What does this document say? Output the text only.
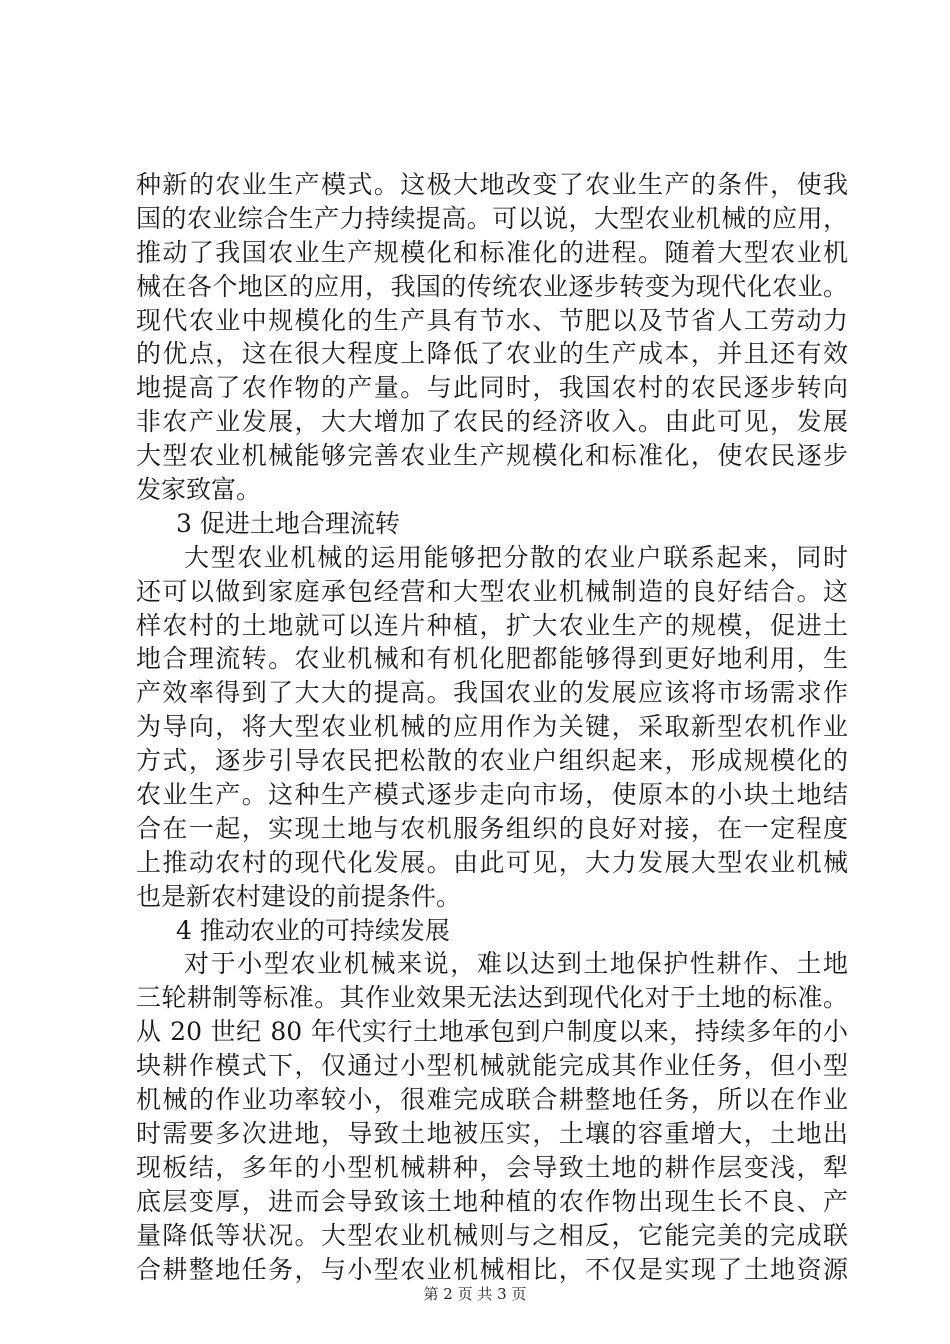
种新的农业生产模式。这极大地改变了农业生产的条件，使我
国的农业综合生产力持续提高。可以说，大型农业机械的应用，
推动了我国农业生产规模化和标准化的进程。随着大型农业机
械在各个地区的应用，我国的传统农业逐步转变为现代化农业。
现代农业中规模化的生产具有节水、节肥以及节省人工劳动力
的优点，这在很大程度上降低了农业的生产成本，并且还有效
地提高了农作物的产量。与此同时，我国农村的农民逐步转向
非农产业发展，大大增加了农民的经济收入。由此可见，发展
大型农业机械能够完善农业生产规模化和标准化，使农民逐步
发家致富。
3 促进土地合理流转
大型农业机械的运用能够把分散的农业户联系起来，同时
还可以做到家庭承包经营和大型农业机械制造的良好结合。这
样农村的土地就可以连片种植，扩大农业生产的规模，促进土
地合理流转。农业机械和有机化肥都能够得到更好地利用，生
产效率得到了大大的提高。我国农业的发展应该将市场需求作
为导向，将大型农业机械的应用作为关键，采取新型农机作业
方式，逐步引导农民把松散的农业户组织起来，形成规模化的
农业生产。这种生产模式逐步走向市场，使原本的小块土地结
合在一起，实现土地与农机服务组织的良好对接，在一定程度
上推动农村的现代化发展。由此可见，大力发展大型农业机械
也是新农村建设的前提条件。
4 推动农业的可持续发展
对于小型农业机械来说，难以达到土地保护性耕作、土地
三轮耕制等标准。其作业效果无法达到现代化对于土地的标准。
从 20 世纪 80 年代实行土地承包到户制度以来，持续多年的小
块耕作模式下，仅通过小型机械就能完成其作业任务，但小型
机械的作业功率较小，很难完成联合耕整地任务，所以在作业
时需要多次进地，导致土地被压实，土壤的容重增大，土地出
现板结，多年的小型机械耕种，会导致土地的耕作层变浅，犁
底层变厚，进而会导致该土地种植的农作物出现生长不良、产
量降低等状况。大型农业机械则与之相反，它能完美的完成联
合耕整地任务，与小型农业机械相比，不仅是实现了土地资源
第 2 页 共 3 页
